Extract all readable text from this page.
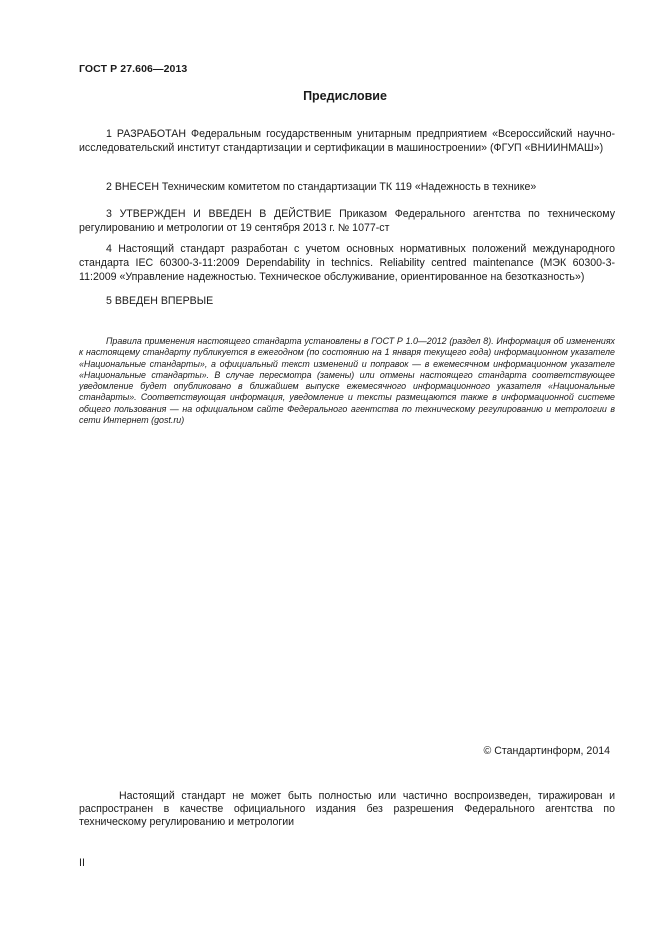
ГОСТ Р 27.606—2013
Предисловие
1 РАЗРАБОТАН Федеральным государственным унитарным предприятием «Всероссийский научно-исследовательский институт стандартизации и сертификации в машиностроении» (ФГУП «ВНИИНМАШ»)
2 ВНЕСЕН Техническим комитетом по стандартизации ТК 119 «Надежность в технике»
3 УТВЕРЖДЕН И ВВЕДЕН В ДЕЙСТВИЕ Приказом Федерального агентства по техническому регулированию и метрологии от 19 сентября 2013 г. № 1077-ст
4 Настоящий стандарт разработан с учетом основных нормативных положений международного стандарта IEC 60300-3-11:2009 Dependability in technics. Reliability centred maintenance (МЭК 60300-3-11:2009 «Управление надежностью. Техническое обслуживание, ориентированное на безотказность»)
5 ВВЕДЕН ВПЕРВЫЕ
Правила применения настоящего стандарта установлены в ГОСТ Р 1.0—2012 (раздел 8). Информация об изменениях к настоящему стандарту публикуется в ежегодном (по состоянию на 1 января текущего года) информационном указателе «Национальные стандарты», а официальный текст изменений и поправок — в ежемесячном информационном указателе «Национальные стандарты». В случае пересмотра (замены) или отмены настоящего стандарта соответствующее уведомление будет опубликовано в ближайшем выпуске ежемесячного информационного указателя «Национальные стандарты». Соответствующая информация, уведомление и тексты размещаются также в информационной системе общего пользования — на официальном сайте Федерального агентства по техническому регулированию и метрологии в сети Интернет (gost.ru)
© Стандартинформ, 2014
Настоящий стандарт не может быть полностью или частично воспроизведен, тиражирован и распространен в качестве официального издания без разрешения Федерального агентства по техническому регулированию и метрологии
II
